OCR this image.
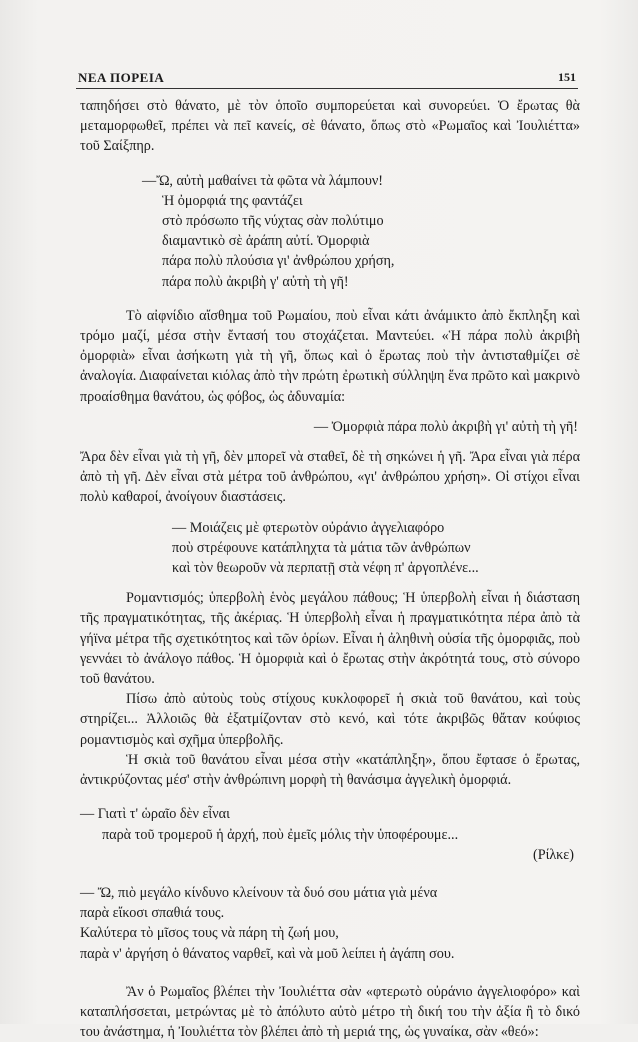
ΝΕΑ ΠΟΡΕΙΑ	151

ταπηδήσει στὸ θάνατο, μὲ τὸν ὁποῖο συμπορεύεται καὶ συνορεύει. Ὁ ἔρωτας θὰ μεταμορφωθεῖ, πρέπει νὰ πεῖ κανείς, σὲ θάνατο, ὅπως στὸ «Ρωμαῖος καὶ Ἰουλιέττα» τοῦ Σαίξπηρ.

—Ὤ, αὐτὴ μαθαίνει τὰ φῶτα νὰ λάμπουν!

Ἡ ὀμορφιά της φαντάζει

στὸ πρόσωπο τῆς νύχτας σὰν πολύτιμο

διαμαντικὸ σὲ ἀράπη αὐτί. Ὀμορφιὰ

πάρα πολὺ πλούσια γι' ἀνθρώπου χρήση,

πάρα πολὺ ἀκριβὴ γ' αὐτὴ τὴ γῆ!

Τὸ αἰφνίδιο αἴσθημα τοῦ Ρωμαίου, ποὺ εἶναι κάτι ἀνάμικτο ἀπὸ ἔκπληξη καὶ τρόμο μαζί, μέσα στὴν ἔντασή του στοχάζεται. Μαντεύει. «Ἡ πάρα πολὺ ἀκριβὴ ὀμορφιὰ» εἶναι ἀσήκωτη γιὰ τὴ γῆ, ὅπως καὶ ὁ ἔρωτας ποὺ τὴν ἀντισταθμίζει σὲ ἀναλογία. Διαφαίνεται κιόλας ἀπὸ τὴν πρώτη ἐρωτικὴ σύλληψη ἕνα πρῶτο καὶ μακρινὸ προαίσθημα θανάτου, ὡς φόβος, ὡς ἀδυναμία:

— Ὀμορφιὰ πάρα πολὺ ἀκριβὴ γι' αὐτὴ τὴ γῆ!

Ἄρα δὲν εἶναι γιὰ τὴ γῆ, δὲν μπορεῖ νὰ σταθεῖ, δὲ τὴ σηκώνει ἡ γῆ. Ἄρα εἶναι γιὰ πέρα ἀπὸ τὴ γῆ. Δὲν εἶναι στὰ μέτρα τοῦ ἀνθρώπου, «γι' ἀνθρώπου χρήση». Οἱ στίχοι εἶναι πολὺ καθαροί, ἀνοίγουν διαστάσεις.

— Μοιάζεις μὲ φτερωτὸν οὐράνιο ἀγγελιαφόρο

ποὺ στρέφουνε κατάπληχτα τὰ μάτια τῶν ἀνθρώπων

καὶ τὸν θεωροῦν νὰ περπατῇ στὰ νέφη π' ἀργοπλένε...

Ρομαντισμός; ὑπερβολὴ ἑνὸς μεγάλου πάθους; Ἡ ὑπερβολὴ εἶναι ἡ διάσταση τῆς πραγματικότητας, τῆς ἀκέριας. Ἡ ὑπερβολὴ εἶναι ἡ πραγματικότητα πέρα ἀπὸ τὰ γήϊνα μέτρα τῆς σχετικότητος καὶ τῶν ὁρίων. Εἶναι ἡ ἀληθινὴ οὐσία τῆς ὀμορφιᾶς, ποὺ γεννάει τὸ ἀνάλογο πάθος. Ἡ ὀμορφιὰ καὶ ὁ ἔρωτας στὴν ἀκρότητά τους, στὸ σύνορο τοῦ θανάτου.

Πίσω ἀπὸ αὐτοὺς τοὺς στίχους κυκλοφορεῖ ἡ σκιὰ τοῦ θανάτου, καὶ τοὺς στηρίζει... Ἀλλοιῶς θὰ ἐξατμίζονταν στὸ κενό, καὶ τότε ἀκριβῶς θἄταν κούφιος ρομαντισμὸς καὶ σχῆμα ὑπερβολῆς.

Ἡ σκιὰ τοῦ θανάτου εἶναι μέσα στὴν «κατάπληξη», ὅπου ἔφτασε ὁ ἔρωτας, ἀντικρύζοντας μέσ' στὴν ἀνθρώπινη μορφὴ τὴ θανάσιμα ἀγγελικὴ ὀμορφιά.

— Γιατὶ τ' ὡραῖο δὲν εἶναι

παρὰ τοῦ τρομεροῦ ἡ ἀρχή, ποὺ ἐμεῖς μόλις τὴν ὑποφέρουμε...

(Ρίλκε)

— Ὤ, πιὸ μεγάλο κίνδυνο κλείνουν τὰ δυό σου μάτια γιὰ μένα

παρὰ εἴκοσι σπαθιά τους.

Καλύτερα τὸ μῖσος τους νὰ πάρη τὴ ζωή μου,

παρὰ ν' ἀργήση ὁ θάνατος ναρθεῖ, καὶ νὰ μοῦ λείπει ἡ ἀγάπη σου.

Ἂν ὁ Ρωμαῖος βλέπει τὴν Ἰουλιέττα σὰν «φτερωτὸ οὐράνιο ἀγγελιοφόρο» καὶ καταπλήσσεται, μετρώντας μὲ τὸ ἀπόλυτο αὐτὸ μέτρο τὴ δική του τὴν ἀξία ἢ τὸ δικό του ἀνάστημα, ἡ Ἰουλιέττα τὸν βλέπει ἀπὸ τὴ μεριά της, ὡς γυναίκα, σὰν «θεό»:
